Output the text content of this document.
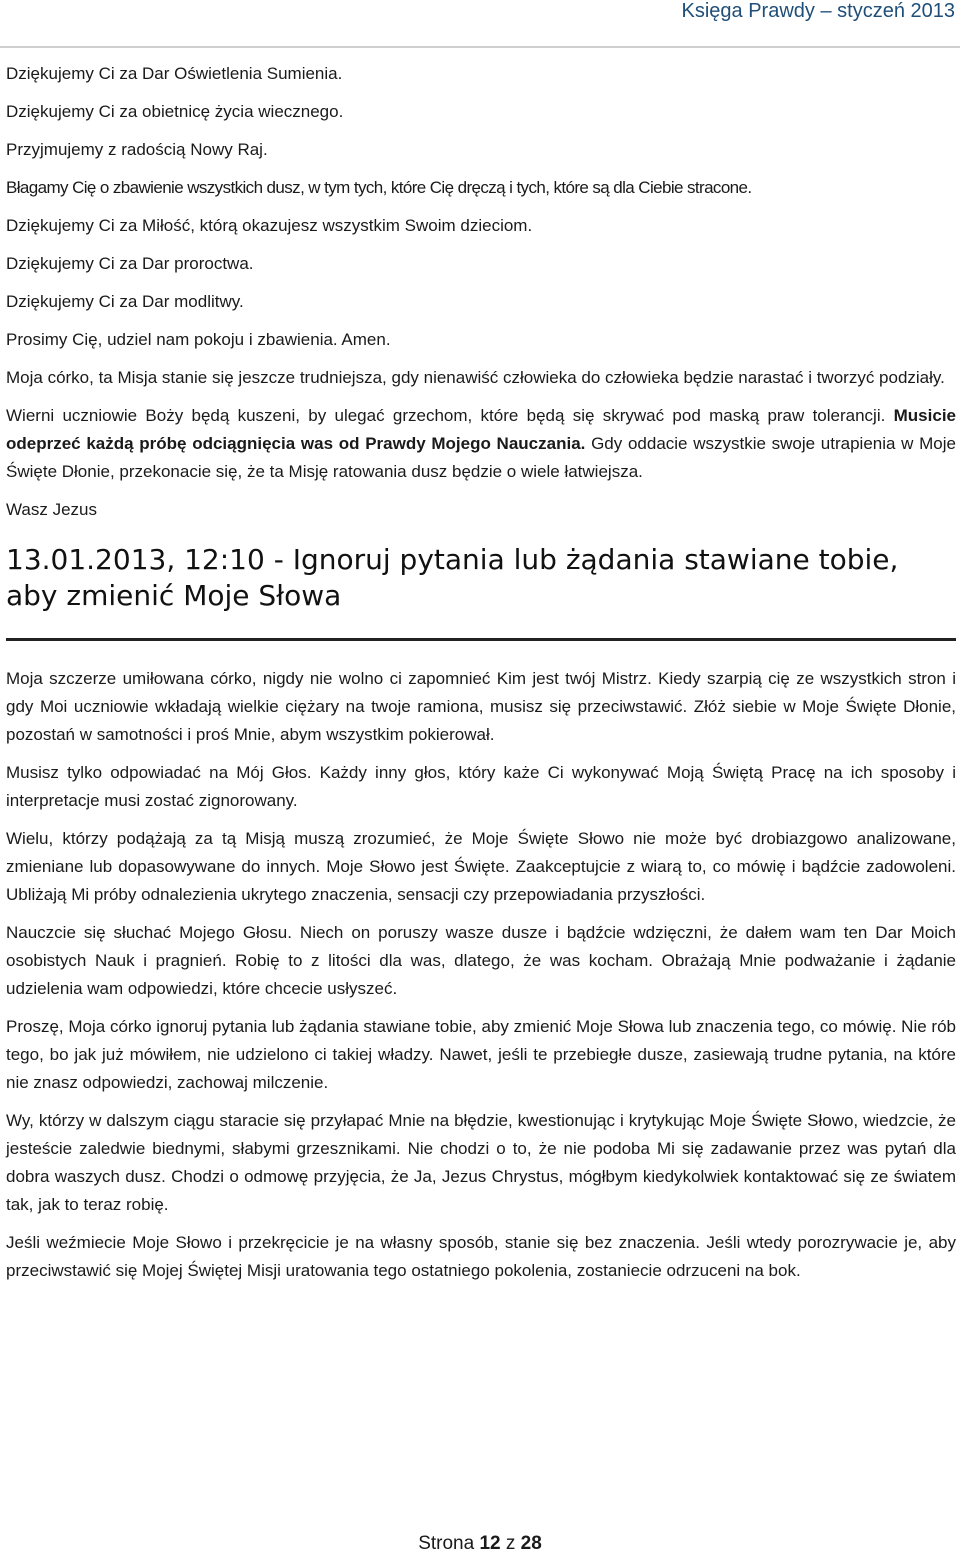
Księga Prawdy – styczeń 2013
Dziękujemy Ci za Dar Oświetlenia Sumienia.
Dziękujemy Ci za obietnicę życia wiecznego.
Przyjmujemy z radością Nowy Raj.
Błagamy Cię o zbawienie wszystkich dusz, w tym tych, które Cię dręczą i tych, które są dla Ciebie stracone.
Dziękujemy Ci za Miłość, którą okazujesz wszystkim Swoim dzieciom.
Dziękujemy Ci za Dar proroctwa.
Dziękujemy Ci za Dar modlitwy.
Prosimy Cię, udziel nam pokoju i zbawienia. Amen.

Moja córko, ta Misja stanie się jeszcze trudniejsza, gdy nienawiść człowieka do człowieka będzie narastać i tworzyć podziały.

Wierni uczniowie Boży będą kuszeni, by ulegać grzechom, które będą się skrywać pod maską praw tolerancji. Musicie odeprzeć każdą próbę odciągnięcia was od Prawdy Mojego Nauczania. Gdy oddacie wszystkie swoje utrapienia w Moje Święte Dłonie, przekonacie się, że ta Misję ratowania dusz będzie o wiele łatwiejsza.

Wasz Jezus
13.01.2013, 12:10 - Ignoruj pytania lub żądania stawiane tobie, aby zmienić Moje Słowa

Moja szczerze umiłowana córko, nigdy nie wolno ci zapomnieć Kim jest twój Mistrz. Kiedy szarpią cię ze wszystkich stron i gdy Moi uczniowie wkładają wielkie ciężary na twoje ramiona, musisz się przeciwstawić. Złóż siebie w Moje Święte Dłonie, pozostań w samotności i proś Mnie, abym wszystkim pokierował.

Musisz tylko odpowiadać na Mój Głos. Każdy inny głos, który każe Ci wykonywać Moją Świętą Pracę na ich sposoby i interpretacje musi zostać zignorowany.

Wielu, którzy podążają za tą Misją muszą zrozumieć, że Moje Święte Słowo nie może być drobiazgowo analizowane, zmieniane lub dopasowywane do innych. Moje Słowo jest Święte. Zaakceptujcie z wiarą to, co mówię i bądźcie zadowoleni. Ubliżają Mi próby odnalezienia ukrytego znaczenia, sensacji czy przepowiadania przyszłości.

Nauczcie się słuchać Mojego Głosu. Niech on poruszy wasze dusze i bądźcie wdzięczni, że dałem wam ten Dar Moich osobistych Nauk i pragnień. Robię to z litości dla was, dlatego, że was kocham. Obrażają Mnie podważanie i żądanie udzielenia wam odpowiedzi, które chcecie usłyszeć.

Proszę, Moja córko ignoruj pytania lub żądania stawiane tobie, aby zmienić Moje Słowa lub znaczenia tego, co mówię. Nie rób tego, bo jak już mówiłem, nie udzielono ci takiej władzy. Nawet, jeśli te przebiegłe dusze, zasiewają trudne pytania, na które nie znasz odpowiedzi, zachowaj milczenie.

Wy, którzy w dalszym ciągu staracie się przyłapać Mnie na błędzie, kwestionując i krytykując Moje Święte Słowo, wiedzcie, że jesteście zaledwie biednymi, słabymi grzesznikami. Nie chodzi o to, że nie podoba Mi się zadawanie przez was pytań dla dobra waszych dusz. Chodzi o odmowę przyjęcia, że Ja, Jezus Chrystus, mógłbym kiedykolwiek kontaktować się ze światem tak, jak to teraz robię.

Jeśli weźmiecie Moje Słowo i przekręcicie je na własny sposób, stanie się bez znaczenia. Jeśli wtedy porozrywacie je, aby przeciwstawić się Mojej Świętej Misji uratowania tego ostatniego pokolenia, zostaniecie odrzuceni na bok.

Strona 12 z 28
